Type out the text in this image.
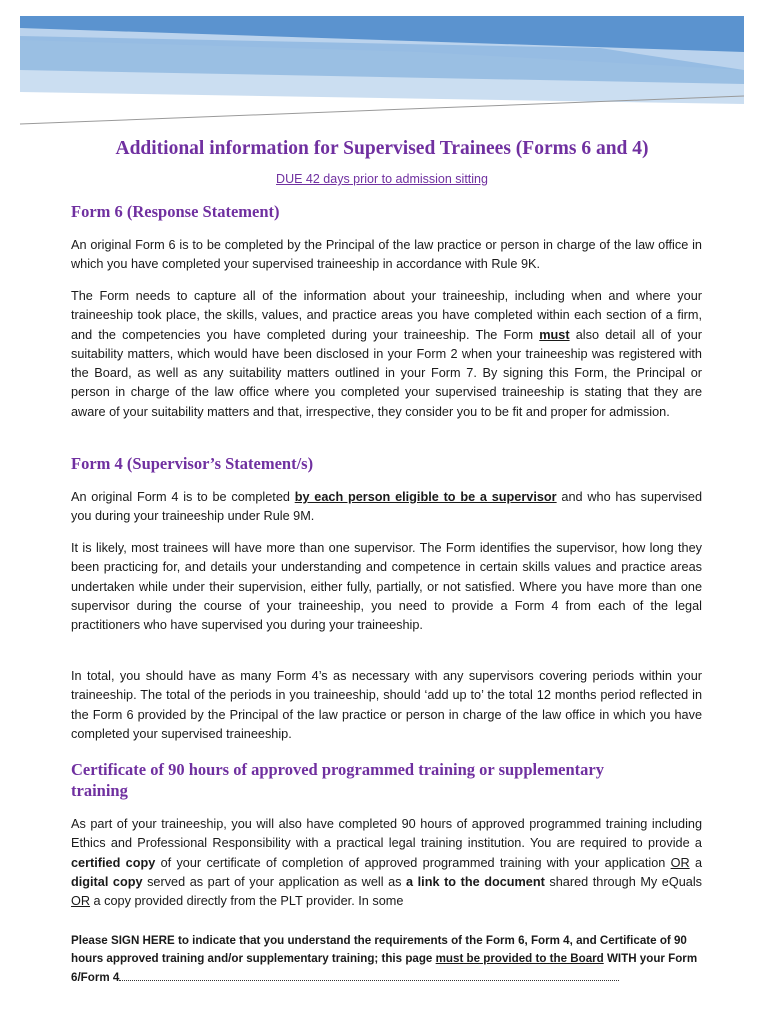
Additional information for Supervised Trainees (Forms 6 and 4)

DUE 42 days prior to admission sitting

Form 6 (Response Statement)

An original Form 6 is to be completed by the Principal of the law practice or person in charge of the law office in which you have completed your supervised traineeship in accordance with Rule 9K.

The Form needs to capture all of the information about your traineeship, including when and where your traineeship took place, the skills, values, and practice areas you have completed within each section of a firm, and the competencies you have completed during your traineeship. The Form must also detail all of your suitability matters, which would have been disclosed in your Form 2 when your traineeship was registered with the Board, as well as any suitability matters outlined in your Form 7. By signing this Form, the Principal or person in charge of the law office where you completed your supervised traineeship is stating that they are aware of your suitability matters and that, irrespective, they consider you to be fit and proper for admission.

Form 4 (Supervisor’s Statement/s)

An original Form 4 is to be completed by each person eligible to be a supervisor and who has supervised you during your traineeship under Rule 9M.

It is likely, most trainees will have more than one supervisor. The Form identifies the supervisor, how long they been practicing for, and details your understanding and competence in certain skills values and practice areas undertaken while under their supervision, either fully, partially, or not satisfied. Where you have more than one supervisor during the course of your traineeship, you need to provide a Form 4 from each of the legal practitioners who have supervised you during your traineeship.

In total, you should have as many Form 4’s as necessary with any supervisors covering periods within your traineeship. The total of the periods in you traineeship, should ‘add up to’ the total 12 months period reflected in the Form 6 provided by the Principal of the law practice or person in charge of the law office in which you have completed your supervised traineeship.

Certificate of 90 hours of approved programmed training or supplementary training

As part of your traineeship, you will also have completed 90 hours of approved programmed training including Ethics and Professional Responsibility with a practical legal training institution. You are required to provide a certified copy of your certificate of completion of approved programmed training with your application OR a digital copy served as part of your application as well as a link to the document shared through My eQuals OR a copy provided directly from the PLT provider. In some

Please SIGN HERE to indicate that you understand the requirements of the Form 6, Form 4, and Certificate of 90 hours approved training and/or supplementary training; this page must be provided to the Board WITH your Form 6/Form 4
